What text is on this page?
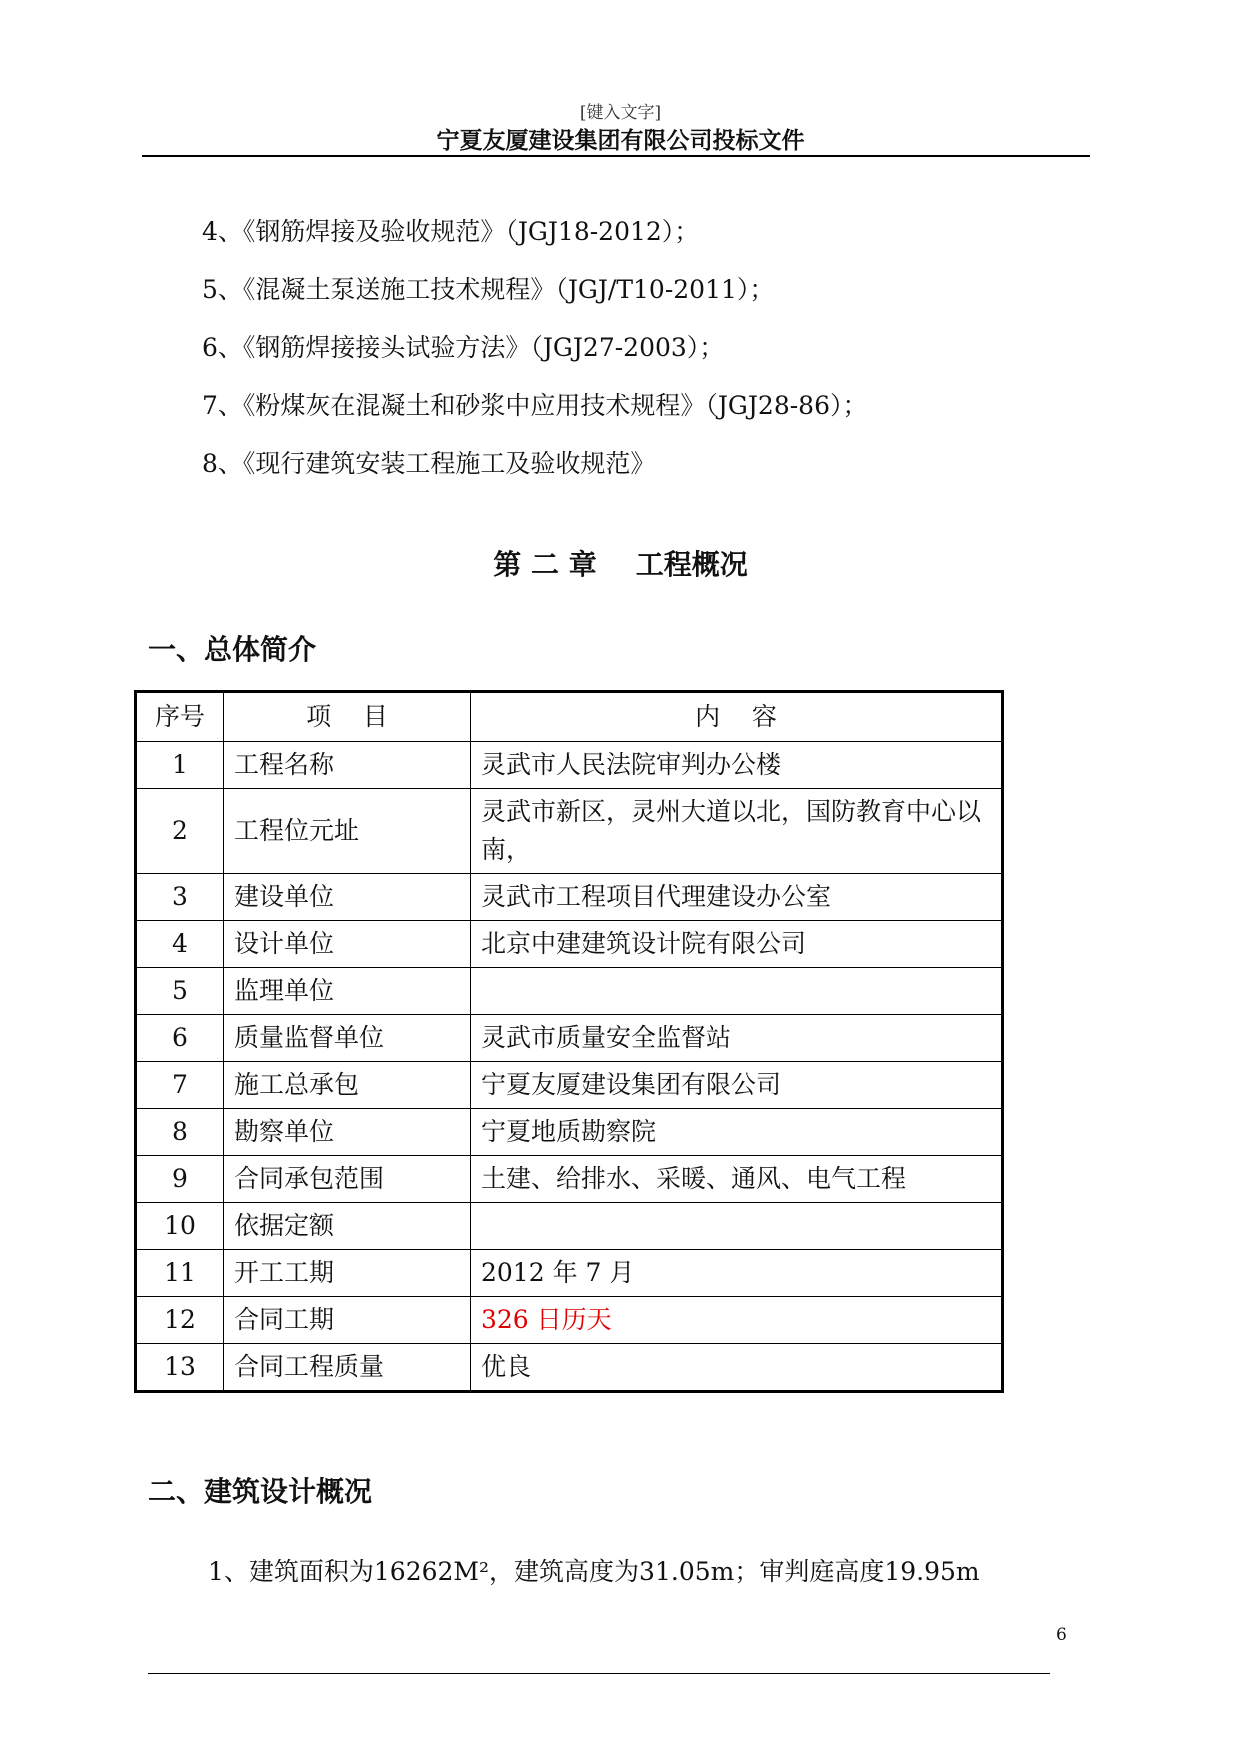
[键入文字]
宁夏友厦建设集团有限公司投标文件
4、《钢筋焊接及验收规范》（JGJ18-2012）；
5、《混凝土泵送施工技术规程》（JGJ/T10-2011）；
6、《钢筋焊接接头试验方法》（JGJ27-2003）；
7、《粉煤灰在混凝土和砂浆中应用技术规程》（JGJ28-86）；
8、《现行建筑安装工程施工及验收规范》
第 二 章    工程概况
一、总体简介
序号	项    目	内    容
1	工程名称	灵武市人民法院审判办公楼
2	工程位元址	灵武市新区，灵州大道以北，国防教育中心以南，
3	建设单位	灵武市工程项目代理建设办公室
4	设计单位	北京中建建筑设计院有限公司
5	监理单位	
6	质量监督单位	灵武市质量安全监督站
7	施工总承包	宁夏友厦建设集团有限公司
8	勘察单位	宁夏地质勘察院
9	合同承包范围	土建、给排水、采暖、通风、电气工程
10	依据定额	
11	开工工期	2012 年 7 月
12	合同工期	326 日历天
13	合同工程质量	优良
二、建筑设计概况
1、建筑面积为16262M²，建筑高度为31.05m；审判庭高度19.95m
6
